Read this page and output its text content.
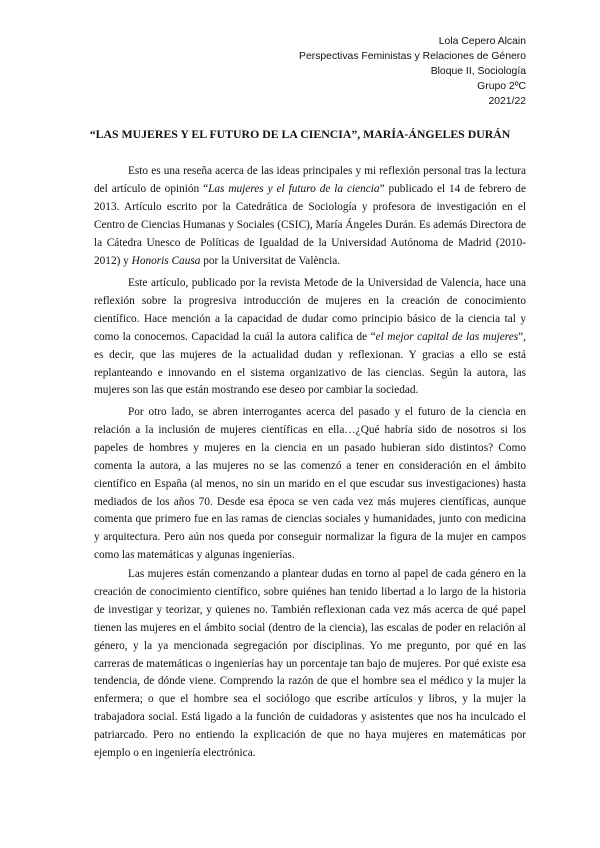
Lola Cepero Alcain
Perspectivas Feministas y Relaciones de Género
Bloque II, Sociología
Grupo 2ºC
2021/22
“LAS MUJERES Y EL FUTURO DE LA CIENCIA”, MARÍA-ÁNGELES DURÁN

Esto es una reseña acerca de las ideas principales y mi reflexión personal tras la lectura del artículo de opinión “Las mujeres y el futuro de la ciencia” publicado el 14 de febrero de 2013. Artículo escrito por la Catedrática de Sociología y profesora de investigación en el Centro de Ciencias Humanas y Sociales (CSIC), María Ángeles Durán. Es además Directora de la Cátedra Unesco de Políticas de Igualdad de la Universidad Autónoma de Madrid (2010-2012) y Honoris Causa por la Universitat de València.

Este artículo, publicado por la revista Metode de la Universidad de Valencia, hace una reflexión sobre la progresiva introducción de mujeres en la creación de conocimiento científico. Hace mención a la capacidad de dudar como principio básico de la ciencia tal y como la conocemos. Capacidad la cuál la autora califica de “el mejor capital de las mujeres”, es decir, que las mujeres de la actualidad dudan y reflexionan. Y gracias a ello se está replanteando e innovando en el sistema organizativo de las ciencias. Según la autora, las mujeres son las que están mostrando ese deseo por cambiar la sociedad.

Por otro lado, se abren interrogantes acerca del pasado y el futuro de la ciencia en relación a la inclusión de mujeres científicas en ella…¿Qué habría sido de nosotros si los papeles de hombres y mujeres en la ciencia en un pasado hubieran sido distintos? Como comenta la autora, a las mujeres no se las comenzó a tener en consideración en el ámbito científico en España (al menos, no sin un marido en el que escudar sus investigaciones) hasta mediados de los años 70. Desde esa época se ven cada vez más mujeres científicas, aunque comenta que primero fue en las ramas de ciencias sociales y humanidades, junto con medicina y arquitectura. Pero aún nos queda por conseguir normalizar la figura de la mujer en campos como las matemáticas y algunas ingenierías.

Las mujeres están comenzando a plantear dudas en torno al papel de cada género en la creación de conocimiento científico, sobre quiénes han tenido libertad a lo largo de la historia de investigar y teorizar, y quienes no. También reflexionan cada vez más acerca de qué papel tienen las mujeres en el ámbito social (dentro de la ciencia), las escalas de poder en relación al género, y la ya mencionada segregación por disciplinas. Yo me pregunto, por qué en las carreras de matemáticas o ingenierías hay un porcentaje tan bajo de mujeres. Por qué existe esa tendencia, de dónde viene. Comprendo la razón de que el hombre sea el médico y la mujer la enfermera; o que el hombre sea el sociólogo que escribe artículos y libros, y la mujer la trabajadora social. Está ligado a la función de cuidadoras y asistentes que nos ha inculcado el patriarcado. Pero no entiendo la explicación de que no haya mujeres en matemáticas por ejemplo o en ingeniería electrónica.
